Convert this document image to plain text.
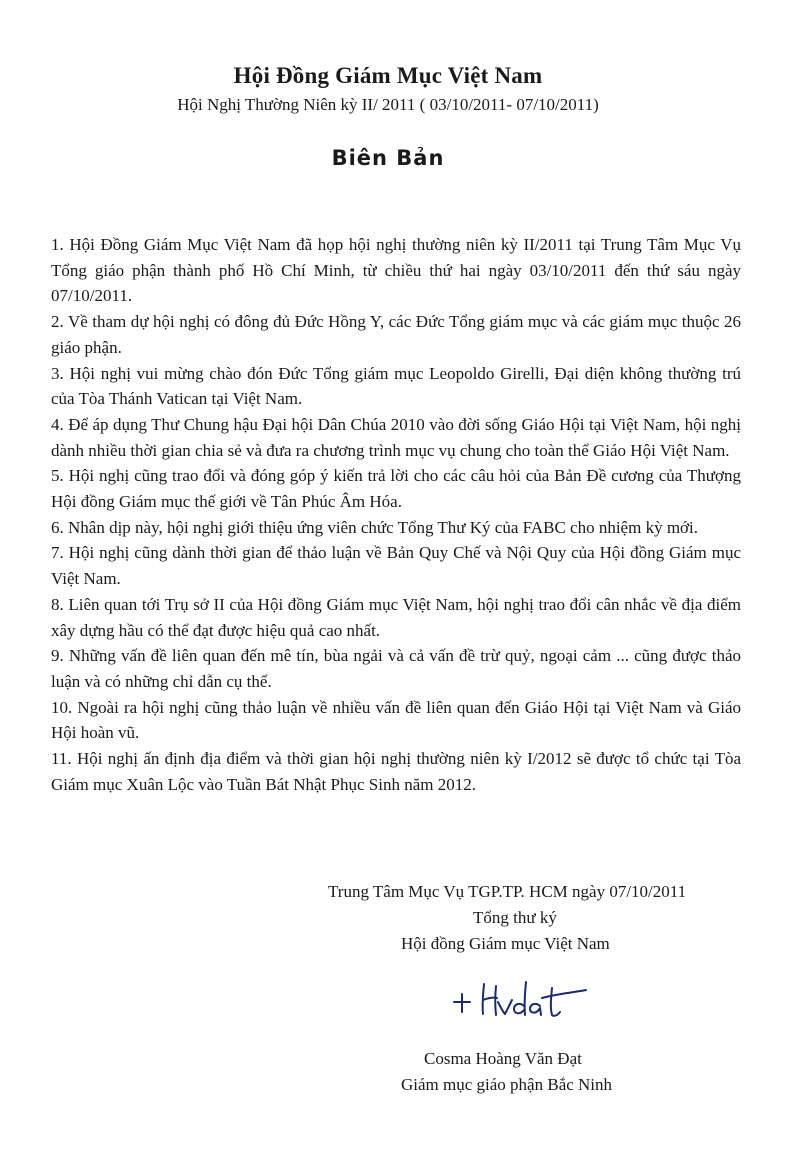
Hội Đồng Giám Mục Việt Nam
Hội Nghị Thường Niên kỳ II/ 2011 ( 03/10/2011- 07/10/2011)
Biên Bản

1. Hội Đồng Giám Mục Việt Nam đã họp hội nghị thường niên kỳ II/2011 tại Trung Tâm Mục Vụ Tổng giáo phận thành phố Hồ Chí Minh, từ chiều thứ hai ngày 03/10/2011 đến thứ sáu ngày 07/10/2011.

2. Về tham dự hội nghị có đông đủ Đức Hồng Y, các Đức Tổng giám mục và các giám mục thuộc 26 giáo phận.

3. Hội nghị vui mừng chào đón Đức Tổng giám mục Leopoldo Girelli, Đại diện không thường trú của Tòa Thánh Vatican tại Việt Nam.

4. Để áp dụng Thư Chung hậu Đại hội Dân Chúa 2010 vào đời sống Giáo Hội tại Việt Nam, hội nghị dành nhiều thời gian chia sẻ và đưa ra chương trình mục vụ chung cho toàn thể Giáo Hội Việt Nam.

5. Hội nghị cũng trao đổi và đóng góp ý kiến trả lời cho các câu hỏi của Bản Đề cương của Thượng Hội đồng Giám mục thế giới về Tân Phúc Âm Hóa.

6. Nhân dịp này, hội nghị giới thiệu ứng viên chức Tổng Thư Ký của FABC cho nhiệm kỳ mới.

7. Hội nghị cũng dành thời gian để thảo luận về Bản Quy Chế và Nội Quy của Hội đồng Giám mục Việt Nam.

8. Liên quan tới Trụ sở II của Hội đồng Giám mục Việt Nam, hội nghị trao đổi cân nhắc về địa điểm xây dựng hầu có thể đạt được hiệu quả cao nhất.

9. Những vấn đề liên quan đến mê tín, bùa ngải và cả vấn đề trừ quỷ, ngoại cảm ... cũng được thảo luận và có những chỉ dẫn cụ thể.

10. Ngoài ra hội nghị cũng thảo luận về nhiều vấn đề liên quan đến Giáo Hội tại Việt Nam và Giáo Hội hoàn vũ.

11. Hội nghị ấn định địa điểm và thời gian hội nghị thường niên kỳ I/2012 sẽ được tổ chức tại Tòa Giám mục Xuân Lộc vào Tuần Bát Nhật Phục Sinh năm 2012.

Trung Tâm Mục Vụ TGP.TP. HCM ngày 07/10/2011
Tổng thư ký
Hội đồng Giám mục Việt Nam
Cosma Hoàng Văn Đạt
Giám mục giáo phận Bắc Ninh
